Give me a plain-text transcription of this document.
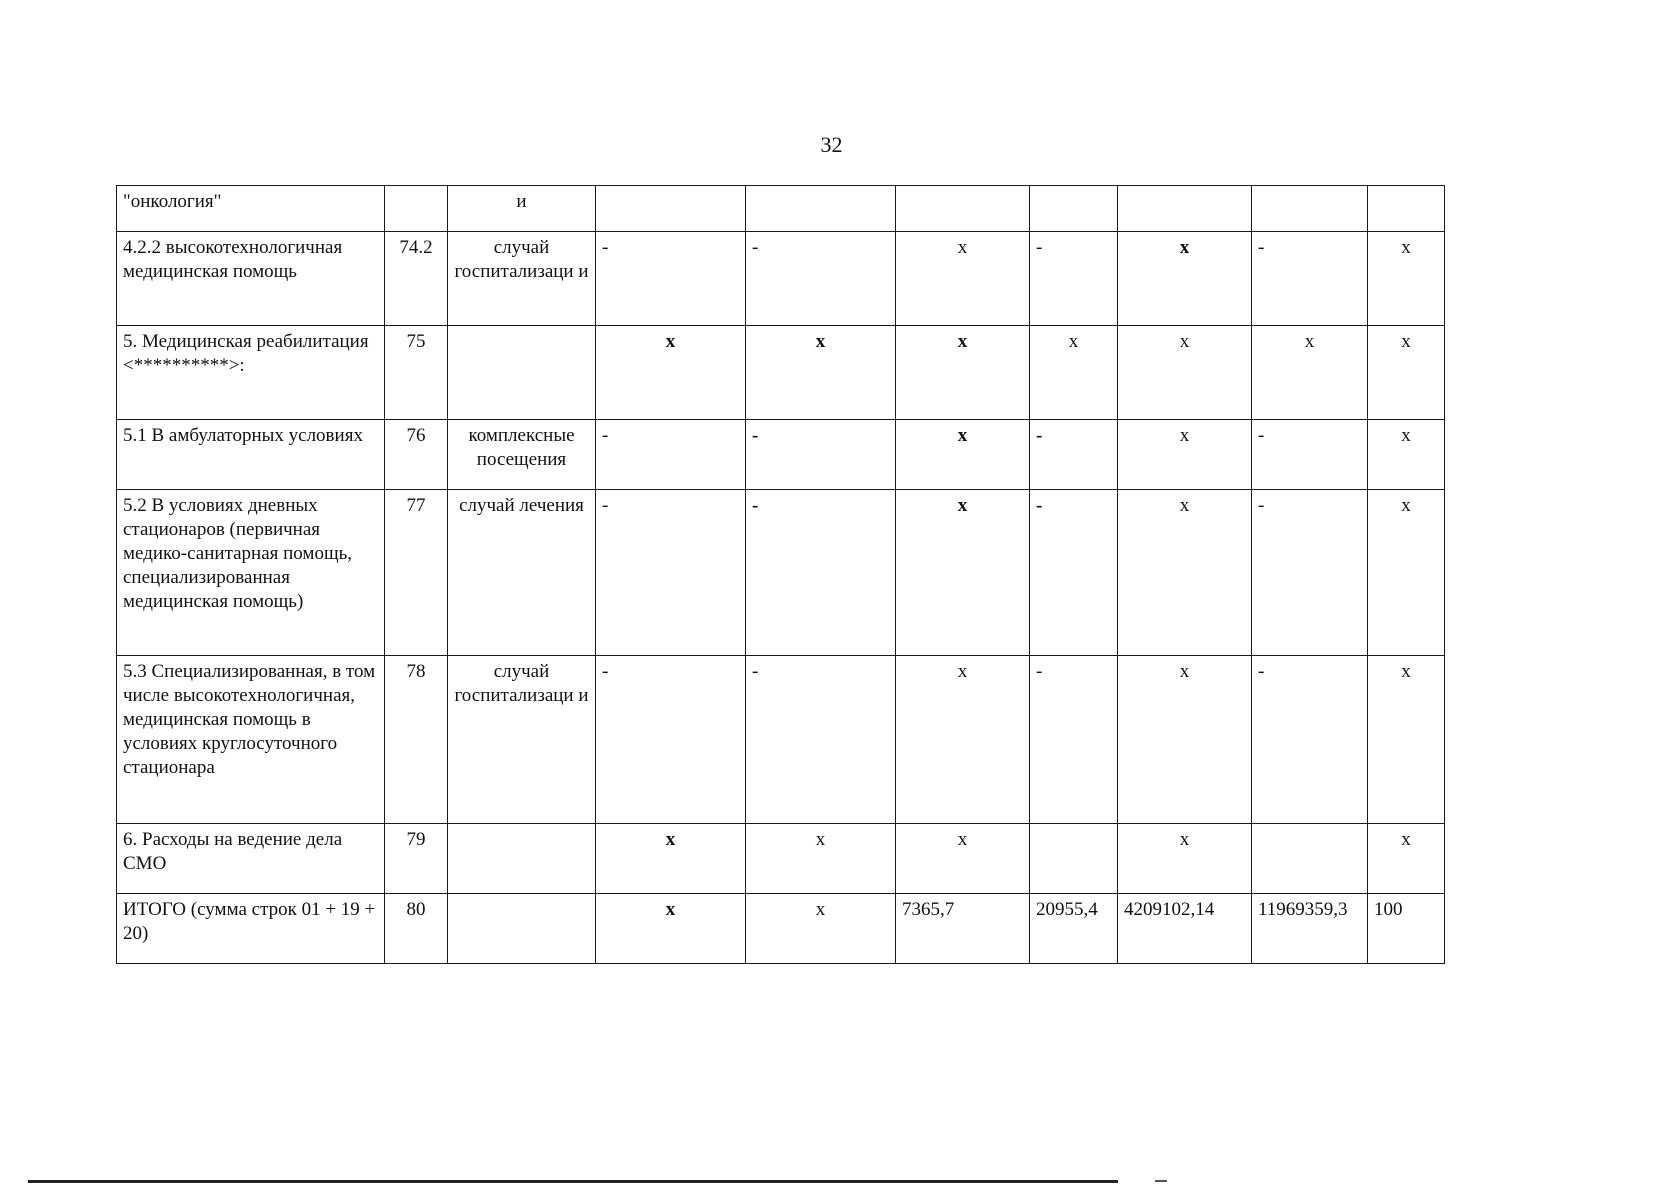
32
"онкология"		и							
4.2.2 высокотехнологичная медицинская помощь	74.2	случай госпитализаци и	-	-	х	-	х	-	х
5. Медицинская реабилитация <**********>:	75		х	х	х	х	х	х	х
5.1 В амбулаторных условиях	76	комплексные посещения	-	-	х	-	х	-	х
5.2 В условиях дневных стационаров (первичная медико-санитарная помощь, специализированная медицинская помощь)	77	случай лечения	-	-	х	-	х	-	х
5.3 Специализированная, в том числе высокотехнологичная, медицинская помощь в условиях круглосуточного стационара	78	случай госпитализаци и	-	-	х	-	х	-	х
6. Расходы на ведение дела СМО	79		х	х	х		х		х
ИТОГО (сумма строк 01 + 19 + 20)	80		х	х	7365,7	20955,4	4209102,14	11969359,3	100
